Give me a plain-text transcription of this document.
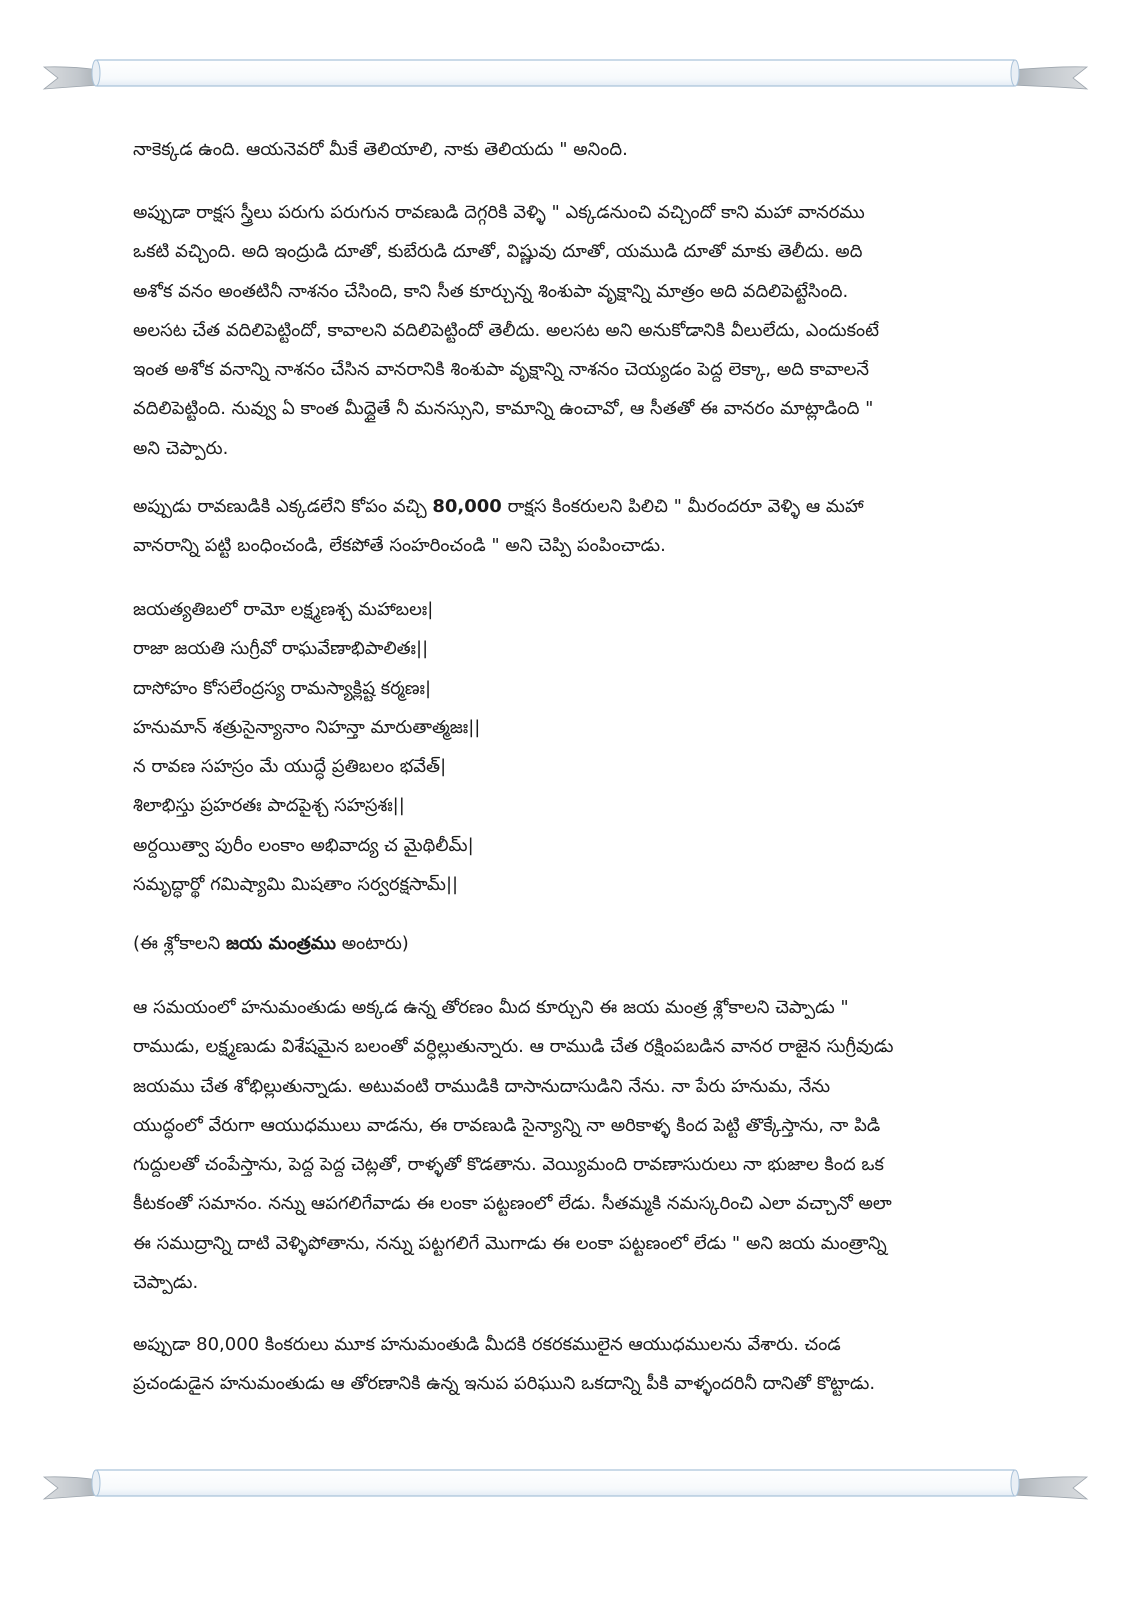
నాకెక్కడ ఉంది. ఆయనెవరో మీకే తెలియాలి, నాకు తెలియదు " అనింది.
అప్పుడా రాక్షస స్త్రీలు పరుగు పరుగున రావణుడి దెగ్గరికి వెళ్ళి " ఎక్కడనుంచి వచ్చిందో కాని మహా వానరము
ఒకటి వచ్చింది. అది ఇంద్రుడి దూతో, కుబేరుడి దూతో, విష్ణువు దూతో, యముడి దూతో మాకు తెలీదు. అది
అశోక వనం అంతటినీ నాశనం చేసింది, కాని సీత కూర్చున్న శింశుపా వృక్షాన్ని మాత్రం అది వదిలిపెట్టేసింది.
అలసట చేత వదిలిపెట్టిందో, కావాలని వదిలిపెట్టిందో తెలీదు. అలసట అని అనుకోడానికి వీలులేదు, ఎందుకంటే
ఇంత అశోక వనాన్ని నాశనం చేసిన వానరానికి శింశుపా వృక్షాన్ని నాశనం చెయ్యడం పెద్ద లెక్కా, అది కావాలనే
వదిలిపెట్టింది. నువ్వు ఏ కాంత మీద్దైతే నీ మనస్సుని, కామాన్ని ఉంచావో, ఆ సీతతో ఈ వానరం మాట్లాడింది "
అని చెప్పారు.
అప్పుడు రావణుడికి ఎక్కడలేని కోపం వచ్చి 80,000 రాక్షస కింకరులని పిలిచి " మీరందరూ వెళ్ళి ఆ మహా
వానరాన్ని పట్టి బంధించండి, లేకపోతే సంహరించండి " అని చెప్పి పంపించాడు.
జయత్యతిబలో రామో లక్ష్మణశ్చ మహాబలః|
రాజా జయతి సుగ్రీవో రాఘవేణాభిపాలితః||
దాసోహం కోసలేంద్రస్య రామస్యాక్లిష్ట కర్మణః|
హనుమాన్ శత్రుసైన్యానాం నిహన్తా మారుతాత్మజః||
న రావణ సహస్రం మే యుద్ధే ప్రతిబలం భవేత్|
శిలాభిస్తు ప్రహరతః పాదపైశ్చ సహస్రశః||
అర్దయిత్వా పురీం లంకాం అభివాద్య చ మైథిలీమ్|
సమృద్ధార్థో గమిష్యామి మిషతాం సర్వరక్షసామ్||
(ఈ శ్లోకాలని జయ మంత్రము అంటారు)
ఆ సమయంలో హనుమంతుడు అక్కడ ఉన్న తోరణం మీద కూర్చుని ఈ జయ మంత్ర శ్లోకాలని చెప్పాడు "
రాముడు, లక్ష్మణుడు విశేషమైన బలంతో వర్ధిల్లుతున్నారు. ఆ రాముడి చేత రక్షింపబడిన వానర రాజైన సుగ్రీవుడు
జయము చేత శోభిల్లుతున్నాడు. అటువంటి రాముడికి దాసానుదాసుడిని నేను. నా పేరు హనుమ, నేను
యుద్ధంలో వేరుగా ఆయుధములు వాడను, ఈ రావణుడి సైన్యాన్ని నా అరికాళ్ళ కింద పెట్టి తొక్కేస్తాను, నా పిడి
గుద్దులతో చంపేస్తాను, పెద్ద పెద్ద చెట్లతో, రాళ్ళతో కొడతాను. వెయ్యిమంది రావణాసురులు నా భుజాల కింద ఒక
కీటకంతో సమానం. నన్ను ఆపగలిగేవాడు ఈ లంకా పట్టణంలో లేడు. సీతమ్మకి నమస్కరించి ఎలా వచ్చానో అలా
ఈ సముద్రాన్ని దాటి వెళ్ళిపోతాను, నన్ను పట్టగలిగే మొగాడు ఈ లంకా పట్టణంలో లేడు " అని జయ మంత్రాన్ని
చెప్పాడు.
అప్పుడా 80,000 కింకరులు మూక హనుమంతుడి మీదకి రకరకములైన ఆయుధములను వేశారు. చండ
ప్రచండుడైన హనుమంతుడు ఆ తోరణానికి ఉన్న ఇనుప పరిఘుని ఒకదాన్ని పీకి వాళ్ళందరినీ దానితో కొట్టాడు.
